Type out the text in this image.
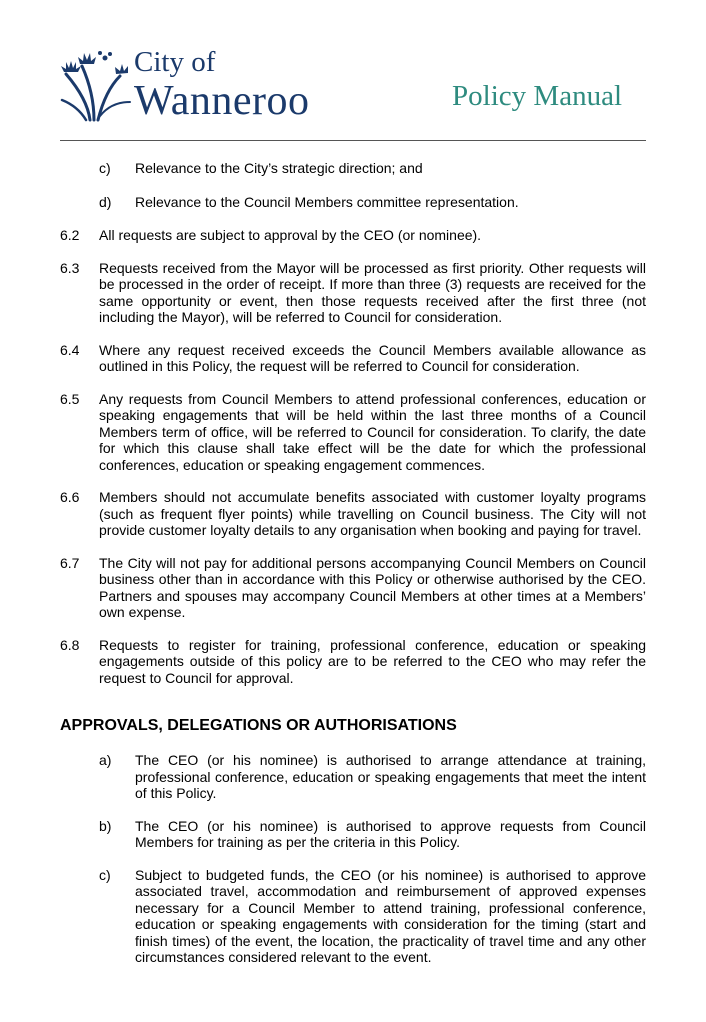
City of
Wanneroo	Policy Manual
c) Relevance to the City’s strategic direction; and
d) Relevance to the Council Members committee representation.
6.2 All requests are subject to approval by the CEO (or nominee).
6.3 Requests received from the Mayor will be processed as first priority. Other requests will be processed in the order of receipt. If more than three (3) requests are received for the same opportunity or event, then those requests received after the first three (not including the Mayor), will be referred to Council for consideration.
6.4 Where any request received exceeds the Council Members available allowance as outlined in this Policy, the request will be referred to Council for consideration.
6.5 Any requests from Council Members to attend professional conferences, education or speaking engagements that will be held within the last three months of a Council Members term of office, will be referred to Council for consideration. To clarify, the date for which this clause shall take effect will be the date for which the professional conferences, education or speaking engagement commences.
6.6 Members should not accumulate benefits associated with customer loyalty programs (such as frequent flyer points) while travelling on Council business. The City will not provide customer loyalty details to any organisation when booking and paying for travel.
6.7 The City will not pay for additional persons accompanying Council Members on Council business other than in accordance with this Policy or otherwise authorised by the CEO. Partners and spouses may accompany Council Members at other times at a Members’ own expense.
6.8 Requests to register for training, professional conference, education or speaking engagements outside of this policy are to be referred to the CEO who may refer the request to Council for approval.
APPROVALS, DELEGATIONS OR AUTHORISATIONS
a) The CEO (or his nominee) is authorised to arrange attendance at training, professional conference, education or speaking engagements that meet the intent of this Policy.
b) The CEO (or his nominee) is authorised to approve requests from Council Members for training as per the criteria in this Policy.
c) Subject to budgeted funds, the CEO (or his nominee) is authorised to approve associated travel, accommodation and reimbursement of approved expenses necessary for a Council Member to attend training, professional conference, education or speaking engagements with consideration for the timing (start and finish times) of the event, the location, the practicality of travel time and any other circumstances considered relevant to the event.
